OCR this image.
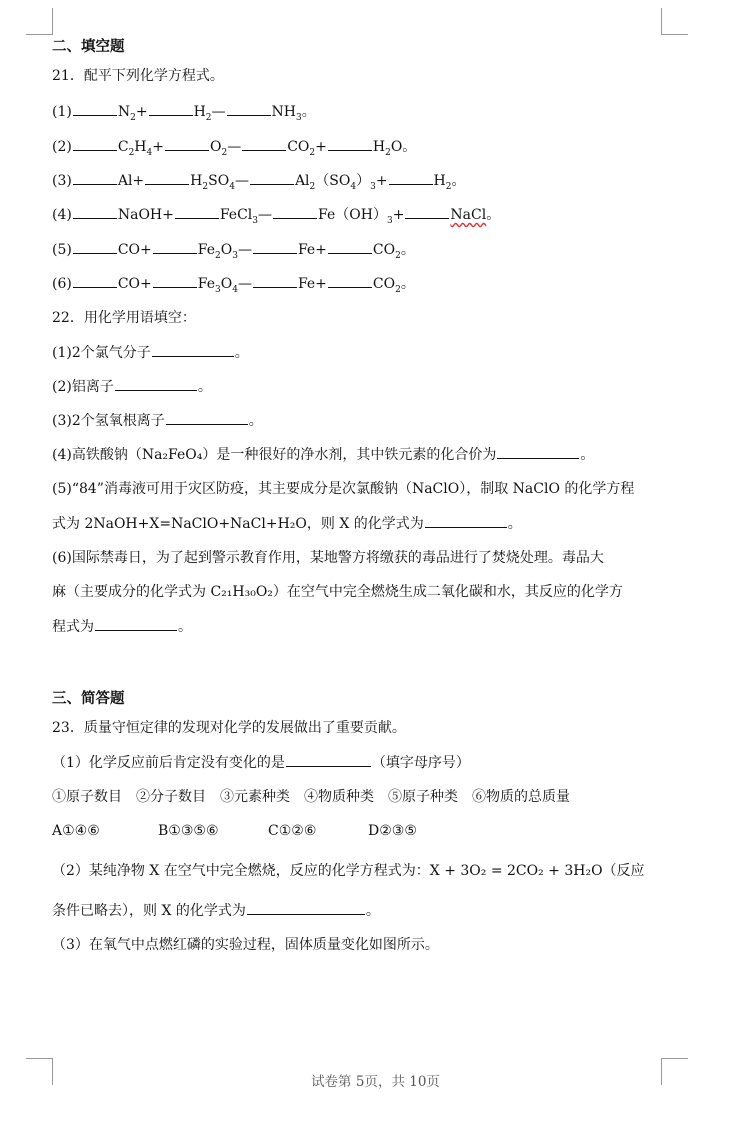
二、填空题
21．配平下列化学方程式。
(1)	$N_2+$	$H_2—$	$NH_3$。
(2)	$C_2H_4+$	$O_2—$	$CO_2+$	$H_2O$。
(3)	Al+	$H_2SO_4—$	$Al_2(SO_4)_3+$	$H_2$。
(4)	NaOH+	FeCl$_3$—	$Fe(OH)_3+$	NaCl。
(5)	CO+	$Fe_2O_3—$	Fe+	$CO_2$。
(6)	CO+	$Fe_3O_4—$	Fe+	$CO_2$。
22．用化学用语填空：
(1)2个氯气分子	。
(2)铝离子	。
(3)2个氢氧根离子	。
(4)高铁酸钠（Na₂FeO₄）是一种很好的净水剂，其中铁元素的化合价为	。
(5)“84”消毒液可用于灾区防疫，其主要成分是次氯酸钠（NaClO），制取 NaClO 的化学方程
式为 2NaOH+X=NaClO+NaCl+H₂O，则 X 的化学式为	。
(6)国际禁毒日，为了起到警示教育作用，某地警方将缴获的毒品进行了焚烧处理。毒品大
麻（主要成分的化学式为 C₂₁H₃₀O₂）在空气中完全燃烧生成二氧化碳和水，其反应的化学方
程式为	。
三、简答题
23．质量守恒定律的发现对化学的发展做出了重要贡献。
（1）化学反应前后肯定没有变化的是	（填字母序号）
①原子数目　②分子数目　③元素种类　④物质种类　⑤原子种类　⑥物质的总质量
A①④⑥	B①③⑤⑥	C①②⑥	D②③⑤
（2）某纯净物 X 在空气中完全燃烧，反应的化学方程式为：X + 3O₂ = 2CO₂ + 3H₂O（反应
条件已略去），则 X 的化学式为	。
（3）在氧气中点燃红磷的实验过程，固体质量变化如图所示。
试卷第 5页，共 10页
